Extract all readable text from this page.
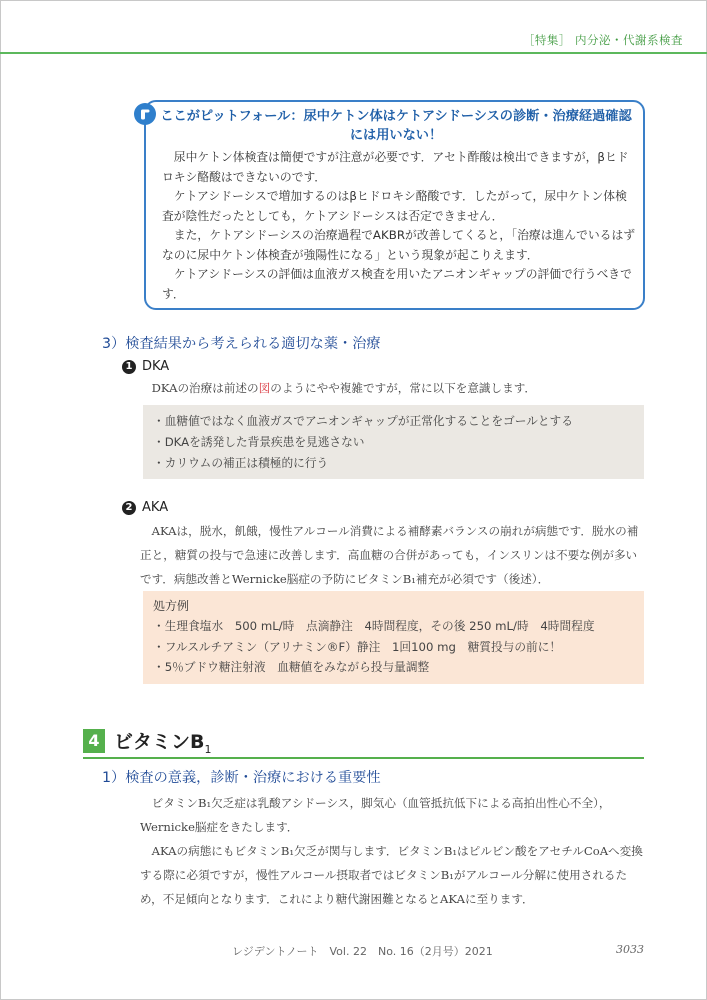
［特集］ 内分泌・代謝系検査
ここがピットフォール：尿中ケトン体はケトアシドーシスの診断・治療経過確認
には用いない！

尿中ケトン体検査は簡便ですが注意が必要です．アセト酢酸は検出できますが，βヒドロキシ酪酸はできないのです．

ケトアシドーシスで増加するのはβヒドロキシ酪酸です．したがって，尿中ケトン体検査が陰性だったとしても，ケトアシドーシスは否定できません．

また，ケトアシドーシスの治療過程でAKBRが改善してくると，「治療は進んでいるはずなのに尿中ケトン体検査が強陽性になる」という現象が起こりえます．

ケトアシドーシスの評価は血液ガス検査を用いたアニオンギャップの評価で行うべきです．

3）検査結果から考えられる適切な薬・治療
1 DKA

DKAの治療は前述の図のようにやや複雑ですが，常に以下を意識します．

・血糖値ではなく血液ガスでアニオンギャップが正常化することをゴールとする
・DKAを誘発した背景疾患を見逃さない
・カリウムの補正は積極的に行う
2 AKA

AKAは，脱水，飢餓，慢性アルコール消費による補酵素バランスの崩れが病態です．脱水の補正と，糖質の投与で急速に改善します．高血糖の合併があっても，インスリンは不要な例が多いです．病態改善とWernicke脳症の予防にビタミンB₁補充が必須です（後述）．

処方例
・生理食塩水　500 mL/時　点滴静注　4時間程度，その後 250 mL/時　4時間程度
・フルスルチアミン（アリナミン®F）静注　1回100 mg　糖質投与の前に！
・5％ブドウ糖注射液　血糖値をみながら投与量調整
4 ビタミン$B_1$
1）検査の意義，診断・治療における重要性

ビタミンB₁欠乏症は乳酸アシドーシス，脚気心（血管抵抗低下による高拍出性心不全），Wernicke脳症をきたします．

AKAの病態にもビタミンB₁欠乏が関与します．ビタミンB₁はピルビン酸をアセチルCoAへ変換する際に必須ですが，慢性アルコール摂取者ではビタミンB₁がアルコール分解に使用されるため，不足傾向となります．これにより糖代謝困難となるとAKAに至ります．

レジデントノート　Vol. 22　No. 16（2月号）2021	3033
